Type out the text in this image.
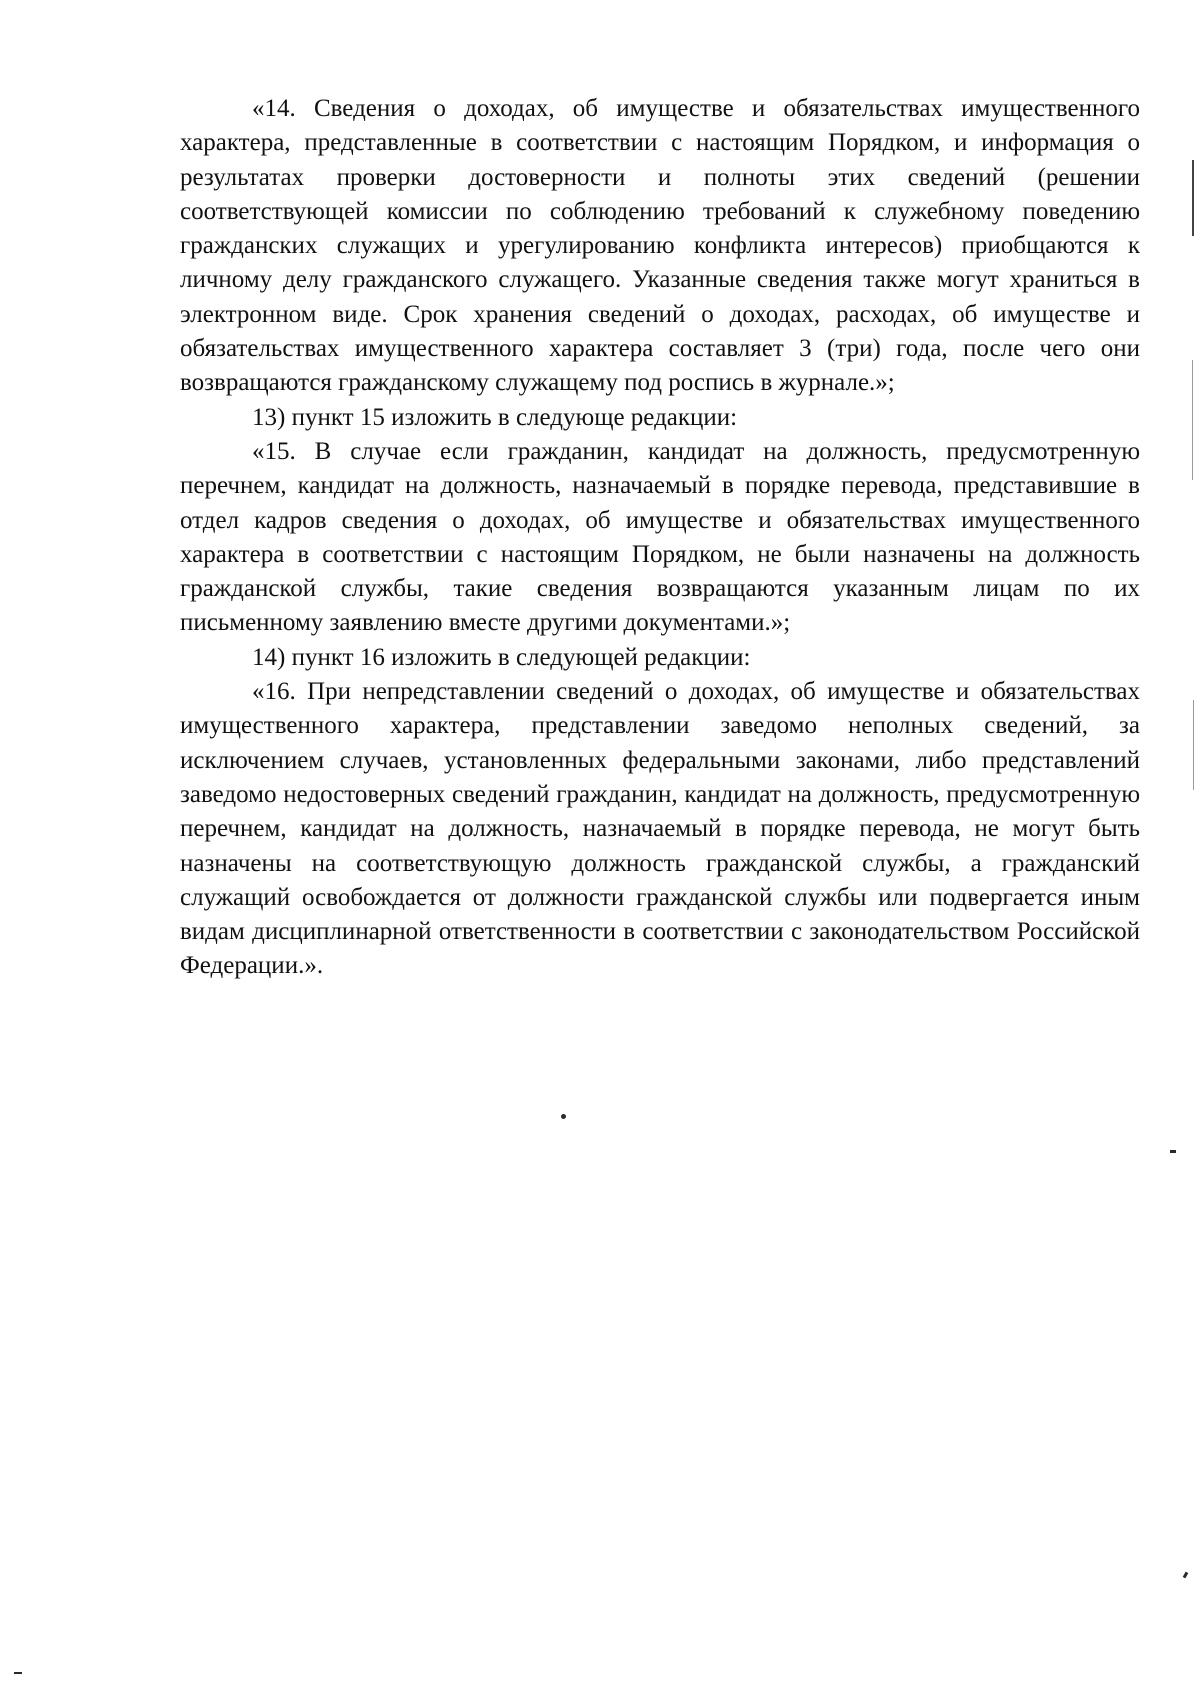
«14. Сведения о доходах, об имуществе и обязательствах имущественного характера, представленные в соответствии с настоящим Порядком, и информация о результатах проверки достоверности и полноты этих сведений (решении соответствующей комиссии по соблюдению требований к служебному поведению гражданских служащих и урегулированию конфликта интересов) приобщаются к личному делу гражданского служащего. Указанные сведения также могут храниться в электронном виде. Срок хранения сведений о доходах, расходах, об имуществе и обязательствах имущественного характера составляет 3 (три) года, после чего они возвращаются гражданскому служащему под роспись в журнале.»;

13) пункт 15 изложить в следующе редакции:

«15. В случае если гражданин, кандидат на должность, предусмотренную перечнем, кандидат на должность, назначаемый в порядке перевода, представившие в отдел кадров сведения о доходах, об имуществе и обязательствах имущественного характера в соответствии с настоящим Порядком, не были назначены на должность гражданской службы, такие сведения возвращаются указанным лицам по их письменному заявлению вместе другими документами.»;

14) пункт 16 изложить в следующей редакции:

«16. При непредставлении сведений о доходах, об имуществе и обязательствах имущественного характера, представлении заведомо неполных сведений, за исключением случаев, установленных федеральными законами, либо представлений заведомо недостоверных сведений гражданин, кандидат на должность, предусмотренную перечнем, кандидат на должность, назначаемый в порядке перевода, не могут быть назначены на соответствующую должность гражданской службы, а гражданский служащий освобождается от должности гражданской службы или подвергается иным видам дисциплинарной ответственности в соответствии с законодательством Российской Федерации.».
